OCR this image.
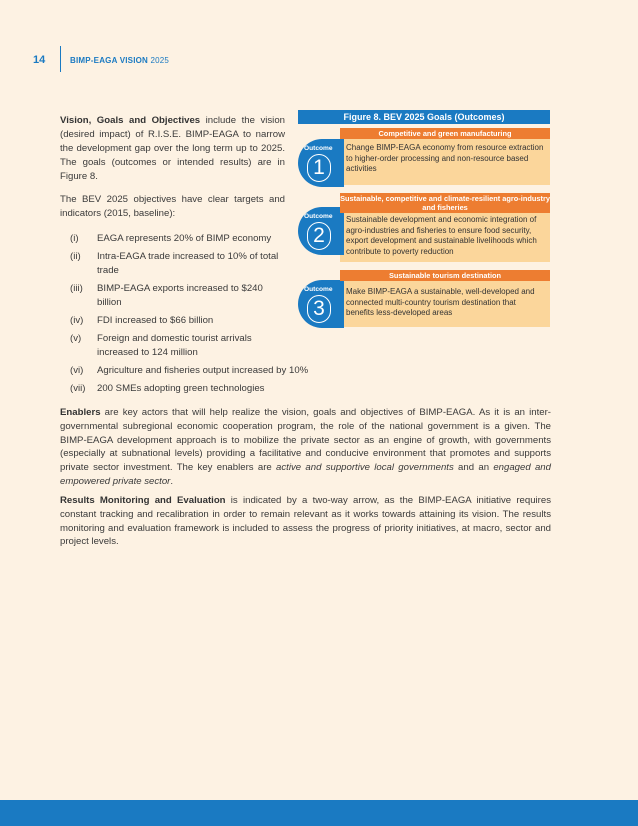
14	BIMP-EAGA VISION 2025

Vision, Goals and Objectives include the vision (desired impact) of R.I.S.E. BIMP-EAGA to narrow the development gap over the long term up to 2025. The goals (outcomes or intended results) are in Figure 8.

The BEV 2025 objectives have clear targets and indicators (2015, baseline):

(i)	EAGA represents 20% of BIMP economy
(ii)	Intra-EAGA trade increased to 10% of total trade
(iii)	BIMP-EAGA exports increased to $240 billion
(iv)	FDI increased to $66 billion
(v)	Foreign and domestic tourist arrivals increased to 124 million
(vi)	Agriculture and fisheries output increased by 10%
(vii)	200 SMEs adopting green technologies
Figure 8. BEV 2025 Goals (Outcomes)
Outcome
1
Competitive and green manufacturing
Change BIMP-EAGA economy from resource extraction to higher-order processing and non-resource based activities
Outcome
2
Sustainable, competitive and climate-resilient agro-industry and fisheries
Sustainable development and economic integration of agro-industries and fisheries to ensure food security, export development and sustainable livelihoods which contribute to poverty reduction
Outcome
3
Sustainable tourism destination
Make BIMP-EAGA a sustainable, well-developed and connected multi-country tourism destination that benefits less-developed areas

Enablers are key actors that will help realize the vision, goals and objectives of BIMP-EAGA. As it is an inter-governmental subregional economic cooperation program, the role of the national government is a given. The BIMP-EAGA development approach is to mobilize the private sector as an engine of growth, with governments (especially at subnational levels) providing a facilitative and conducive environment that promotes and supports private sector investment. The key enablers are active and supportive local governments and an engaged and empowered private sector.

Results Monitoring and Evaluation is indicated by a two-way arrow, as the BIMP-EAGA initiative requires constant tracking and recalibration in order to remain relevant as it works towards attaining its vision. The results monitoring and evaluation framework is included to assess the progress of priority initiatives, at macro, sector and project levels.
